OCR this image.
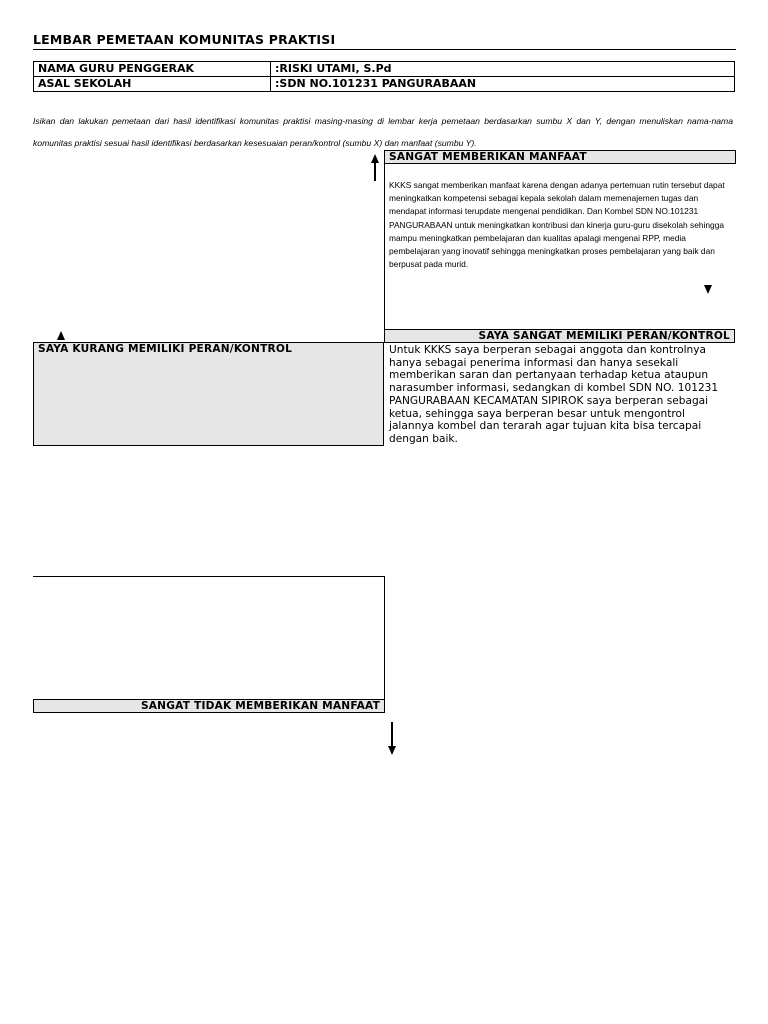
LEMBAR PEMETAAN KOMUNITAS PRAKTISI
NAMA GURU PENGGERAK	:RISKI UTAMI, S.Pd
ASAL SEKOLAH	:SDN NO.101231 PANGURABAAN
Isikan dan lakukan pemetaan dari hasil identifikasi komunitas praktisi masing-masing di lembar kerja pemetaan berdasarkan sumbu X dan Y, dengan menuliskan nama-nama komunitas praktisi sesuai hasil identifikasi berdasarkan kesesuaian peran/kontrol (sumbu X) dan manfaat (sumbu Y).
SANGAT MEMBERIKAN MANFAAT
KKKS sangat memberikan manfaat karena dengan adanya pertemuan rutin tersebut dapat meningkatkan kompetensi sebagai kepala sekolah dalam memenajemen tugas dan mendapat informasi terupdate mengenai pendidikan. Dan Kombel SDN NO.101231 PANGURABAAN untuk meningkatkan kontribusi dan kinerja guru-guru disekolah sehingga mampu meningkatkan pembelajaran dan kualitas apalagi mengenai RPP, media pembelajaran yang inovatif sehingga meningkatkan proses pembelajaran yang baik dan berpusat pada murid.
SAYA SANGAT MEMILIKI PERAN/KONTROL
SAYA KURANG MEMILIKI PERAN/KONTROL	Untuk KKKS saya berperan sebagai anggota dan kontrolnya hanya sebagai penerima informasi dan hanya sesekali memberikan saran dan pertanyaan terhadap ketua ataupun narasumber informasi, sedangkan di kombel SDN NO. 101231 PANGURABAAN KECAMATAN SIPIROK saya berperan sebagai ketua, sehingga saya berperan besar untuk mengontrol jalannya kombel dan terarah agar tujuan kita bisa tercapai dengan baik.
SANGAT TIDAK MEMBERIKAN MANFAAT
